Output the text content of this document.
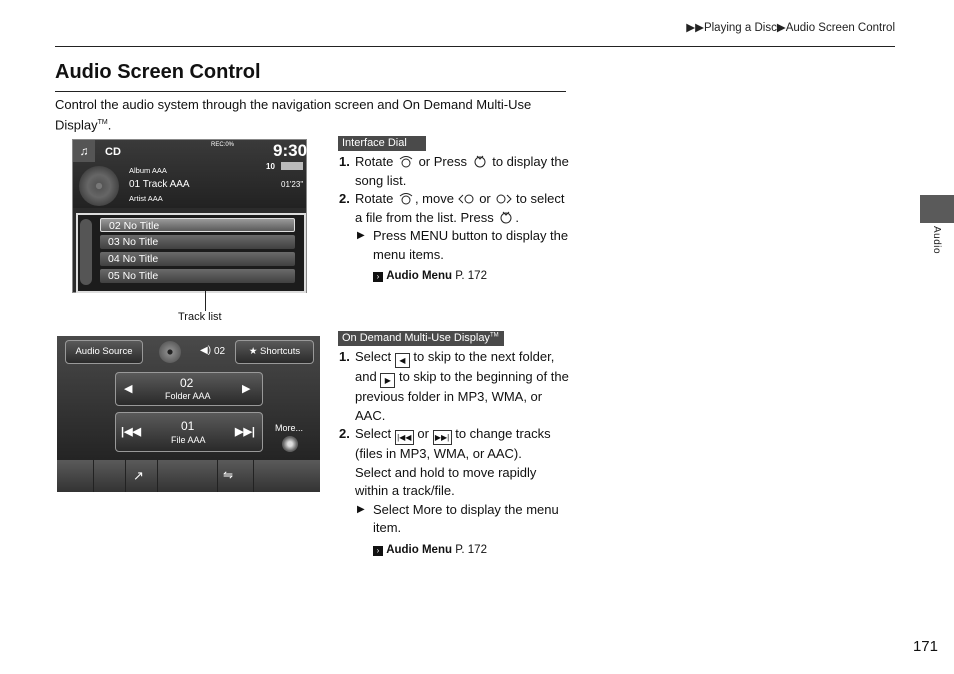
▶▶Playing a Disc▶Audio Screen Control
Audio Screen Control
Control the audio system through the navigation screen and On Demand Multi-Use Display™.
Audio
171
♫	CD
REC:0% 9:30
Album AAA
01 Track AAA
Artist AAA
10
01'23"
02 No Title
03 No Title
04 No Title
05 No Title
Track list
Interface Dial
1. Rotate or Press to display the song list.
2. Rotate , move or to select a file from the list. Press .
▶ Press MENU button to display the menu items.
› Audio Menu P. 172
Audio Source	◀) 02	★ Shortcuts
◀	02
Folder AAA
▶
|◀◀	01
File AAA
▶▶| More...
↗	⇋
On Demand Multi-Use Display™
1. Select ◀ to skip to the next folder, and ▶ to skip to the beginning of the previous folder in MP3, WMA, or AAC.
2. Select |◀◀ or ▶▶| to change tracks (files in MP3, WMA, or AAC).
Select and hold to move rapidly within a track/file.
▶ Select More to display the menu item.
› Audio Menu P. 172
